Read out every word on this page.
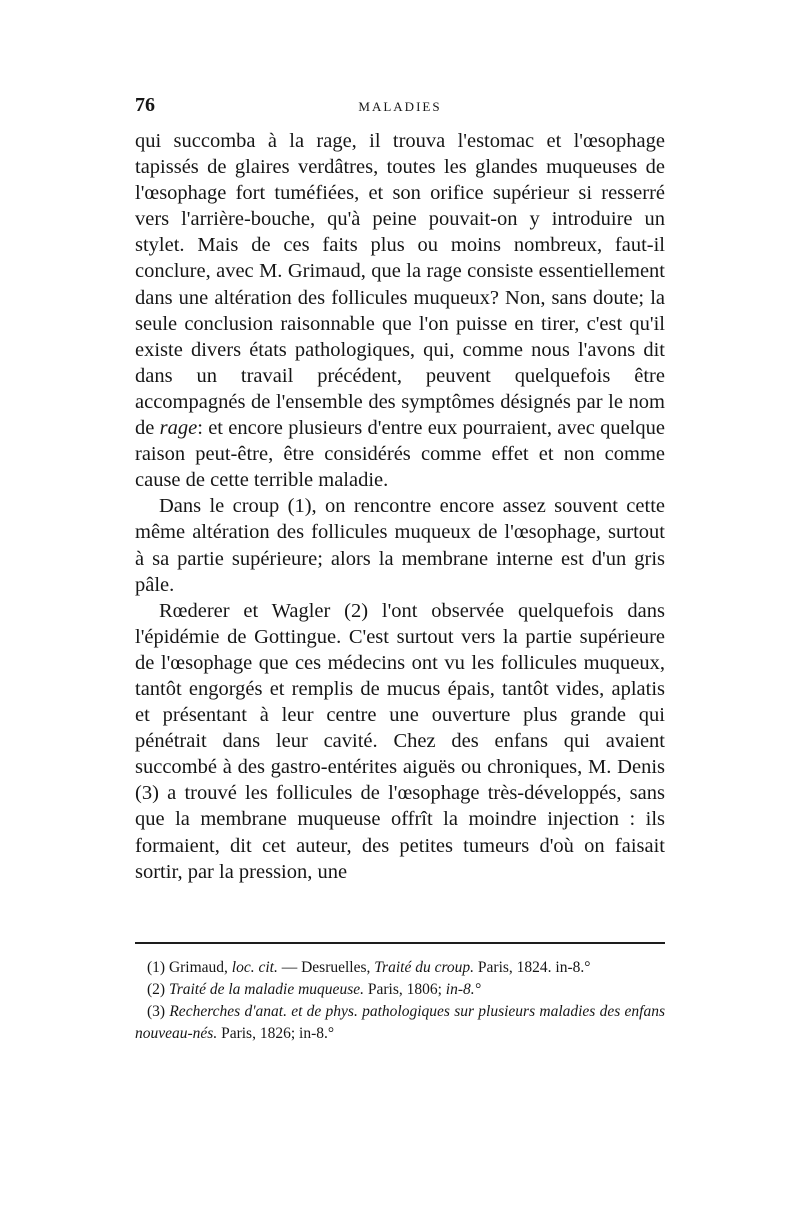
76	MALADIES

qui succomba à la rage, il trouva l'estomac et l'œsophage tapissés de glaires verdâtres, toutes les glandes muqueuses de l'œsophage fort tuméfiées, et son orifice supérieur si resserré vers l'arrière-bouche, qu'à peine pouvait-on y introduire un stylet. Mais de ces faits plus ou moins nombreux, faut-il conclure, avec M. Grimaud, que la rage consiste essentiellement dans une altération des follicules muqueux? Non, sans doute; la seule conclusion raisonnable que l'on puisse en tirer, c'est qu'il existe divers états pathologiques, qui, comme nous l'avons dit dans un travail précédent, peuvent quelquefois être accompagnés de l'ensemble des symptômes désignés par le nom de rage: et encore plusieurs d'entre eux pourraient, avec quelque raison peut-être, être considérés comme effet et non comme cause de cette terrible maladie.

Dans le croup (1), on rencontre encore assez souvent cette même altération des follicules muqueux de l'œsophage, surtout à sa partie supérieure; alors la membrane interne est d'un gris pâle.

Rœderer et Wagler (2) l'ont observée quelquefois dans l'épidémie de Gottingue. C'est surtout vers la partie supérieure de l'œsophage que ces médecins ont vu les follicules muqueux, tantôt engorgés et remplis de mucus épais, tantôt vides, aplatis et présentant à leur centre une ouverture plus grande qui pénétrait dans leur cavité. Chez des enfans qui avaient succombé à des gastro-entérites aiguës ou chroniques, M. Denis (3) a trouvé les follicules de l'œsophage très-développés, sans que la membrane muqueuse offrît la moindre injection : ils formaient, dit cet auteur, des petites tumeurs d'où on faisait sortir, par la pression, une

(1) Grimaud, loc. cit. — Desruelles, Traité du croup. Paris, 1824. in-8.°

(2) Traité de la maladie muqueuse. Paris, 1806; in-8.°

(3) Recherches d'anat. et de phys. pathologiques sur plusieurs maladies des enfans nouveau-nés. Paris, 1826; in-8.°
